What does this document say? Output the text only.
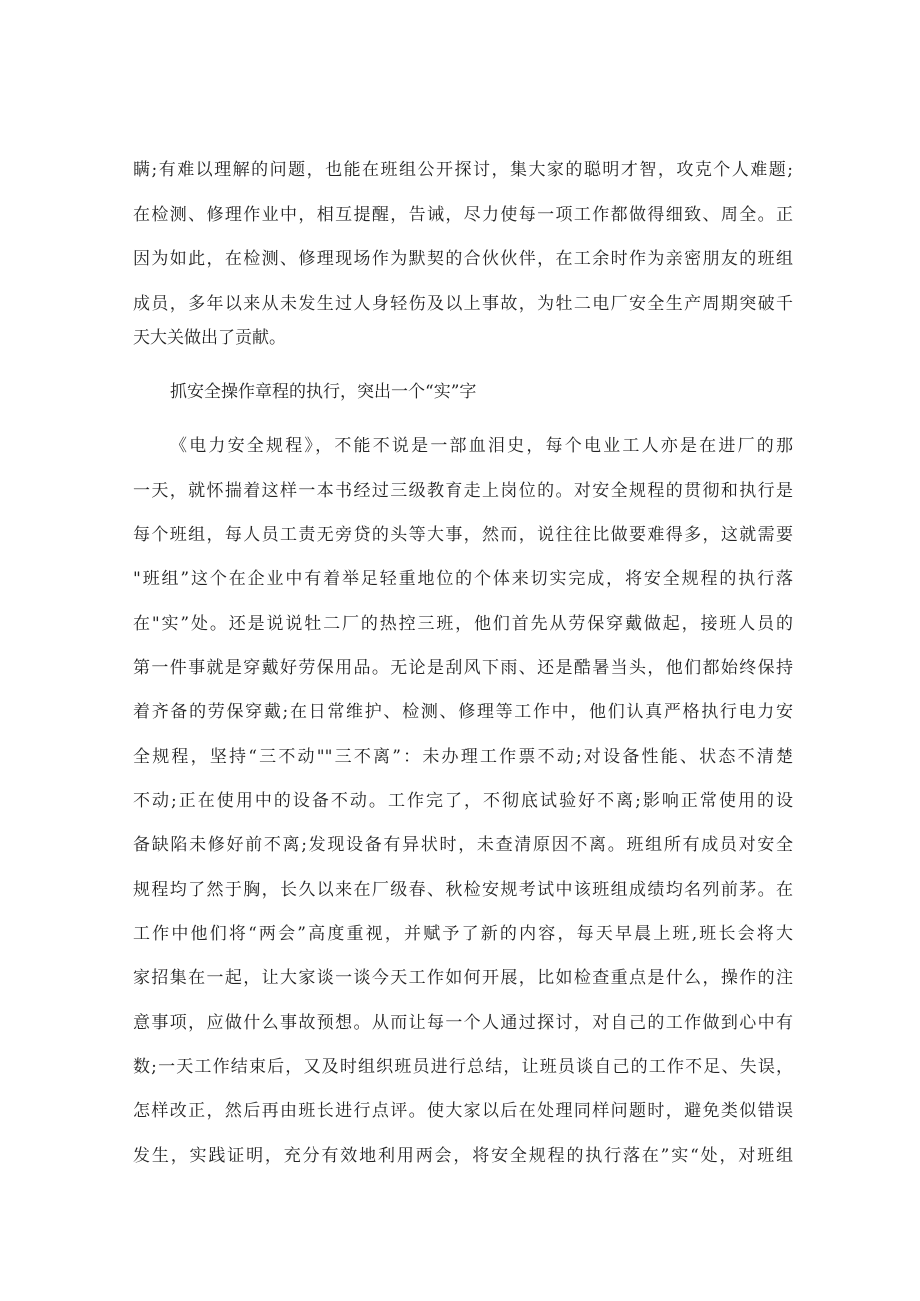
瞒;有难以理解的问题，也能在班组公开探讨，集大家的聪明才智，攻克个人难题;
在检测、修理作业中，相互提醒，告诫，尽力使每一项工作都做得细致、周全。正
因为如此，在检测、修理现场作为默契的合伙伙伴，在工余时作为亲密朋友的班组
成员，多年以来从未发生过人身轻伤及以上事故，为牡二电厂安全生产周期突破千
天大关做出了贡献。
抓安全操作章程的执行，突出一个“实”字
《电力安全规程》，不能不说是一部血泪史，每个电业工人亦是在进厂的那
一天，就怀揣着这样一本书经过三级教育走上岗位的。对安全规程的贯彻和执行是
每个班组，每人员工责无旁贷的头等大事，然而，说往往比做要难得多，这就需要
"班组”这个在企业中有着举足轻重地位的个体来切实完成，将安全规程的执行落
在"实”处。还是说说牡二厂的热控三班，他们首先从劳保穿戴做起，接班人员的
第一件事就是穿戴好劳保用品。无论是刮风下雨、还是酷暑当头，他们都始终保持
着齐备的劳保穿戴;在日常维护、检测、修理等工作中，他们认真严格执行电力安
全规程，坚持“三不动""三不离”：未办理工作票不动;对设备性能、状态不清楚
不动;正在使用中的设备不动。工作完了，不彻底试验好不离;影响正常使用的设
备缺陷未修好前不离;发现设备有异状时，未查清原因不离。班组所有成员对安全
规程均了然于胸，长久以来在厂级春、秋检安规考试中该班组成绩均名列前茅。在
工作中他们将“两会”高度重视，并赋予了新的内容，每天早晨上班,班长会将大
家招集在一起，让大家谈一谈今天工作如何开展，比如检查重点是什么，操作的注
意事项，应做什么事故预想。从而让每一个人通过探讨，对自己的工作做到心中有
数;一天工作结束后，又及时组织班员进行总结，让班员谈自己的工作不足、失误，
怎样改正，然后再由班长进行点评。使大家以后在处理同样问题时，避免类似错误
发生，实践证明，充分有效地利用两会，将安全规程的执行落在”实“处，对班组
